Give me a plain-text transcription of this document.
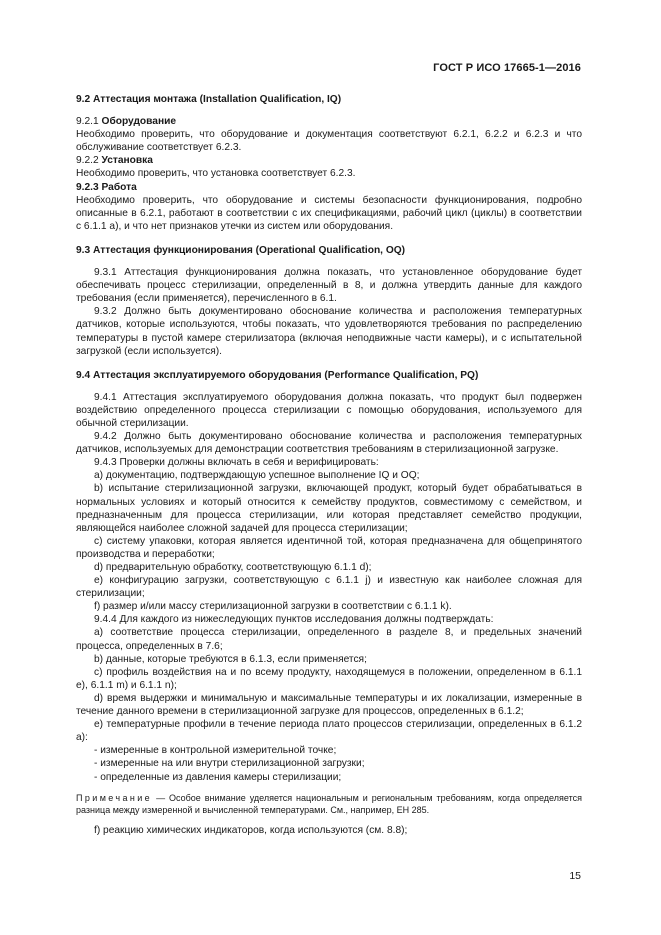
ГОСТ Р ИСО 17665-1—2016

9.2 Аттестация монтажа (Installation Qualification, IQ)

9.2.1 Оборудование

Необходимо проверить, что оборудование и документация соответствуют 6.2.1, 6.2.2 и 6.2.3 и что обслуживание соответствует 6.2.3.

9.2.2 Установка

Необходимо проверить, что установка соответствует 6.2.3.

9.2.3 Работа

Необходимо проверить, что оборудование и системы безопасности функционирования, подробно описанные в 6.2.1, работают в соответствии с их спецификациями, рабочий цикл (циклы) в соответствии с 6.1.1 а), и что нет признаков утечки из систем или оборудования.

9.3 Аттестация функционирования (Operational Qualification, OQ)

9.3.1 Аттестация функционирования должна показать, что установленное оборудование будет обеспечивать процесс стерилизации, определенный в 8, и должна утвердить данные для каждого требования (если применяется), перечисленного в 6.1.

9.3.2 Должно быть документировано обоснование количества и расположения температурных датчиков, которые используются, чтобы показать, что удовлетворяются требования по распределению температуры в пустой камере стерилизатора (включая неподвижные части камеры), и с испытательной загрузкой (если используется).

9.4 Аттестация эксплуатируемого оборудования (Performance Qualification, PQ)

9.4.1 Аттестация эксплуатируемого оборудования должна показать, что продукт был подвержен воздействию определенного процесса стерилизации с помощью оборудования, используемого для обычной стерилизации.

9.4.2 Должно быть документировано обоснование количества и расположения температурных датчиков, используемых для демонстрации соответствия требованиям в стерилизационной загрузке.

9.4.3 Проверки должны включать в себя и верифицировать:

а) документацию, подтверждающую успешное выполнение IQ и OQ;

b) испытание стерилизационной загрузки, включающей продукт, который будет обрабатываться в нормальных условиях и который относится к семейству продуктов, совместимому с семейством, и предназначенным для процесса стерилизации, или которая представляет семейство продукции, являющейся наиболее сложной задачей для процесса стерилизации;

c) систему упаковки, которая является идентичной той, которая предназначена для общепринятого производства и переработки;

d) предварительную обработку, соответствующую 6.1.1 d);

e) конфигурацию загрузки, соответствующую с 6.1.1 j) и известную как наиболее сложная для стерилизации;

f) размер и/или массу стерилизационной загрузки в соответствии с 6.1.1 k).

9.4.4 Для каждого из нижеследующих пунктов исследования должны подтверждать:

а) соответствие процесса стерилизации, определенного в разделе 8, и предельных значений процесса, определенных в 7.6;

b) данные, которые требуются в 6.1.3, если применяется;

c) профиль воздействия на и по всему продукту, находящемуся в положении, определенном в 6.1.1 е), 6.1.1 m) и 6.1.1 n);

d) время выдержки и минимальную и максимальные температуры и их локализации, измеренные в течение данного времени в стерилизационной загрузке для процессов, определенных в 6.1.2;

е) температурные профили в течение периода плато процессов стерилизации, определенных в 6.1.2 а):

- измеренные в контрольной измерительной точке;

- измеренные на или внутри стерилизационной загрузки;

- определенные из давления камеры стерилизации;

Примечание — Особое внимание уделяется национальным и региональным требованиям, когда определяется разница между измеренной и вычисленной температурами. См., например, ЕН 285.

f) реакцию химических индикаторов, когда используются (см. 8.8);

15
